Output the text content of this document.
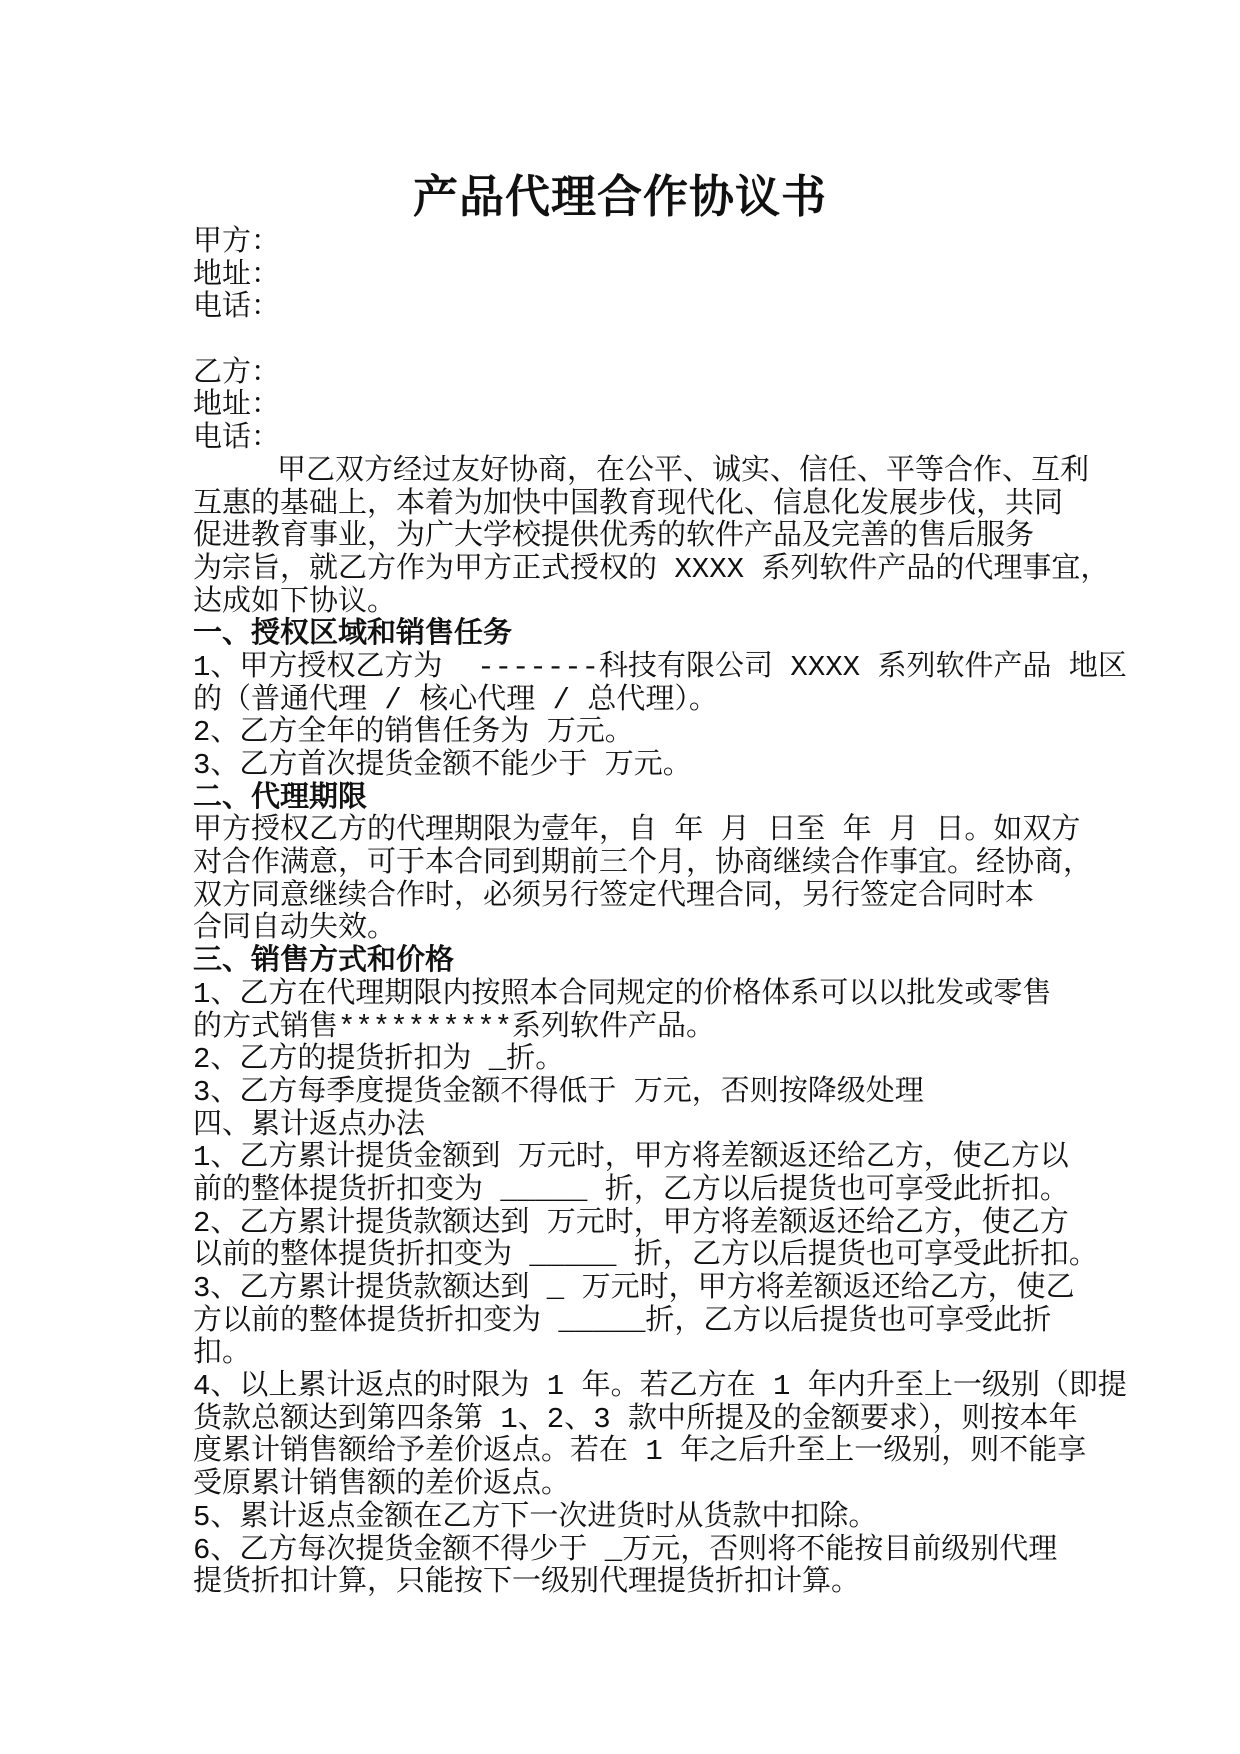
产品代理合作协议书
甲方：
地址：
电话：
乙方：
地址：
电话：
甲乙双方经过友好协商，在公平、诚实、信任、平等合作、互利
互惠的基础上，本着为加快中国教育现代化、信息化发展步伐，共同
促进教育事业，为广大学校提供优秀的软件产品及完善的售后服务
为宗旨，就乙方作为甲方正式授权的 XXXX 系列软件产品的代理事宜，
达成如下协议。
一、授权区域和销售任务
1、甲方授权乙方为  -------科技有限公司 XXXX 系列软件产品 地区
的（普通代理 / 核心代理 / 总代理）。
2、乙方全年的销售任务为 万元。
3、乙方首次提货金额不能少于 万元。
二、代理期限
甲方授权乙方的代理期限为壹年，自 年 月 日至 年 月 日。如双方
对合作满意，可于本合同到期前三个月，协商继续合作事宜。经协商，
双方同意继续合作时，必须另行签定代理合同，另行签定合同时本
合同自动失效。
三、销售方式和价格
1、乙方在代理期限内按照本合同规定的价格体系可以以批发或零售
的方式销售**********系列软件产品。
2、乙方的提货折扣为 _折。
3、乙方每季度提货金额不得低于 万元，否则按降级处理
四、累计返点办法
1、乙方累计提货金额到 万元时，甲方将差额返还给乙方，使乙方以
前的整体提货折扣变为 _____ 折，乙方以后提货也可享受此折扣。
2、乙方累计提货款额达到 万元时，甲方将差额返还给乙方，使乙方
以前的整体提货折扣变为 _____ 折，乙方以后提货也可享受此折扣。
3、乙方累计提货款额达到 _ 万元时，甲方将差额返还给乙方，使乙
方以前的整体提货折扣变为 _____折，乙方以后提货也可享受此折
扣。
4、以上累计返点的时限为 1 年。若乙方在 1 年内升至上一级别（即提
货款总额达到第四条第 1、2、3 款中所提及的金额要求），则按本年
度累计销售额给予差价返点。若在 1 年之后升至上一级别，则不能享
受原累计销售额的差价返点。
5、累计返点金额在乙方下一次进货时从货款中扣除。
6、乙方每次提货金额不得少于 _万元，否则将不能按目前级别代理
提货折扣计算，只能按下一级别代理提货折扣计算。
